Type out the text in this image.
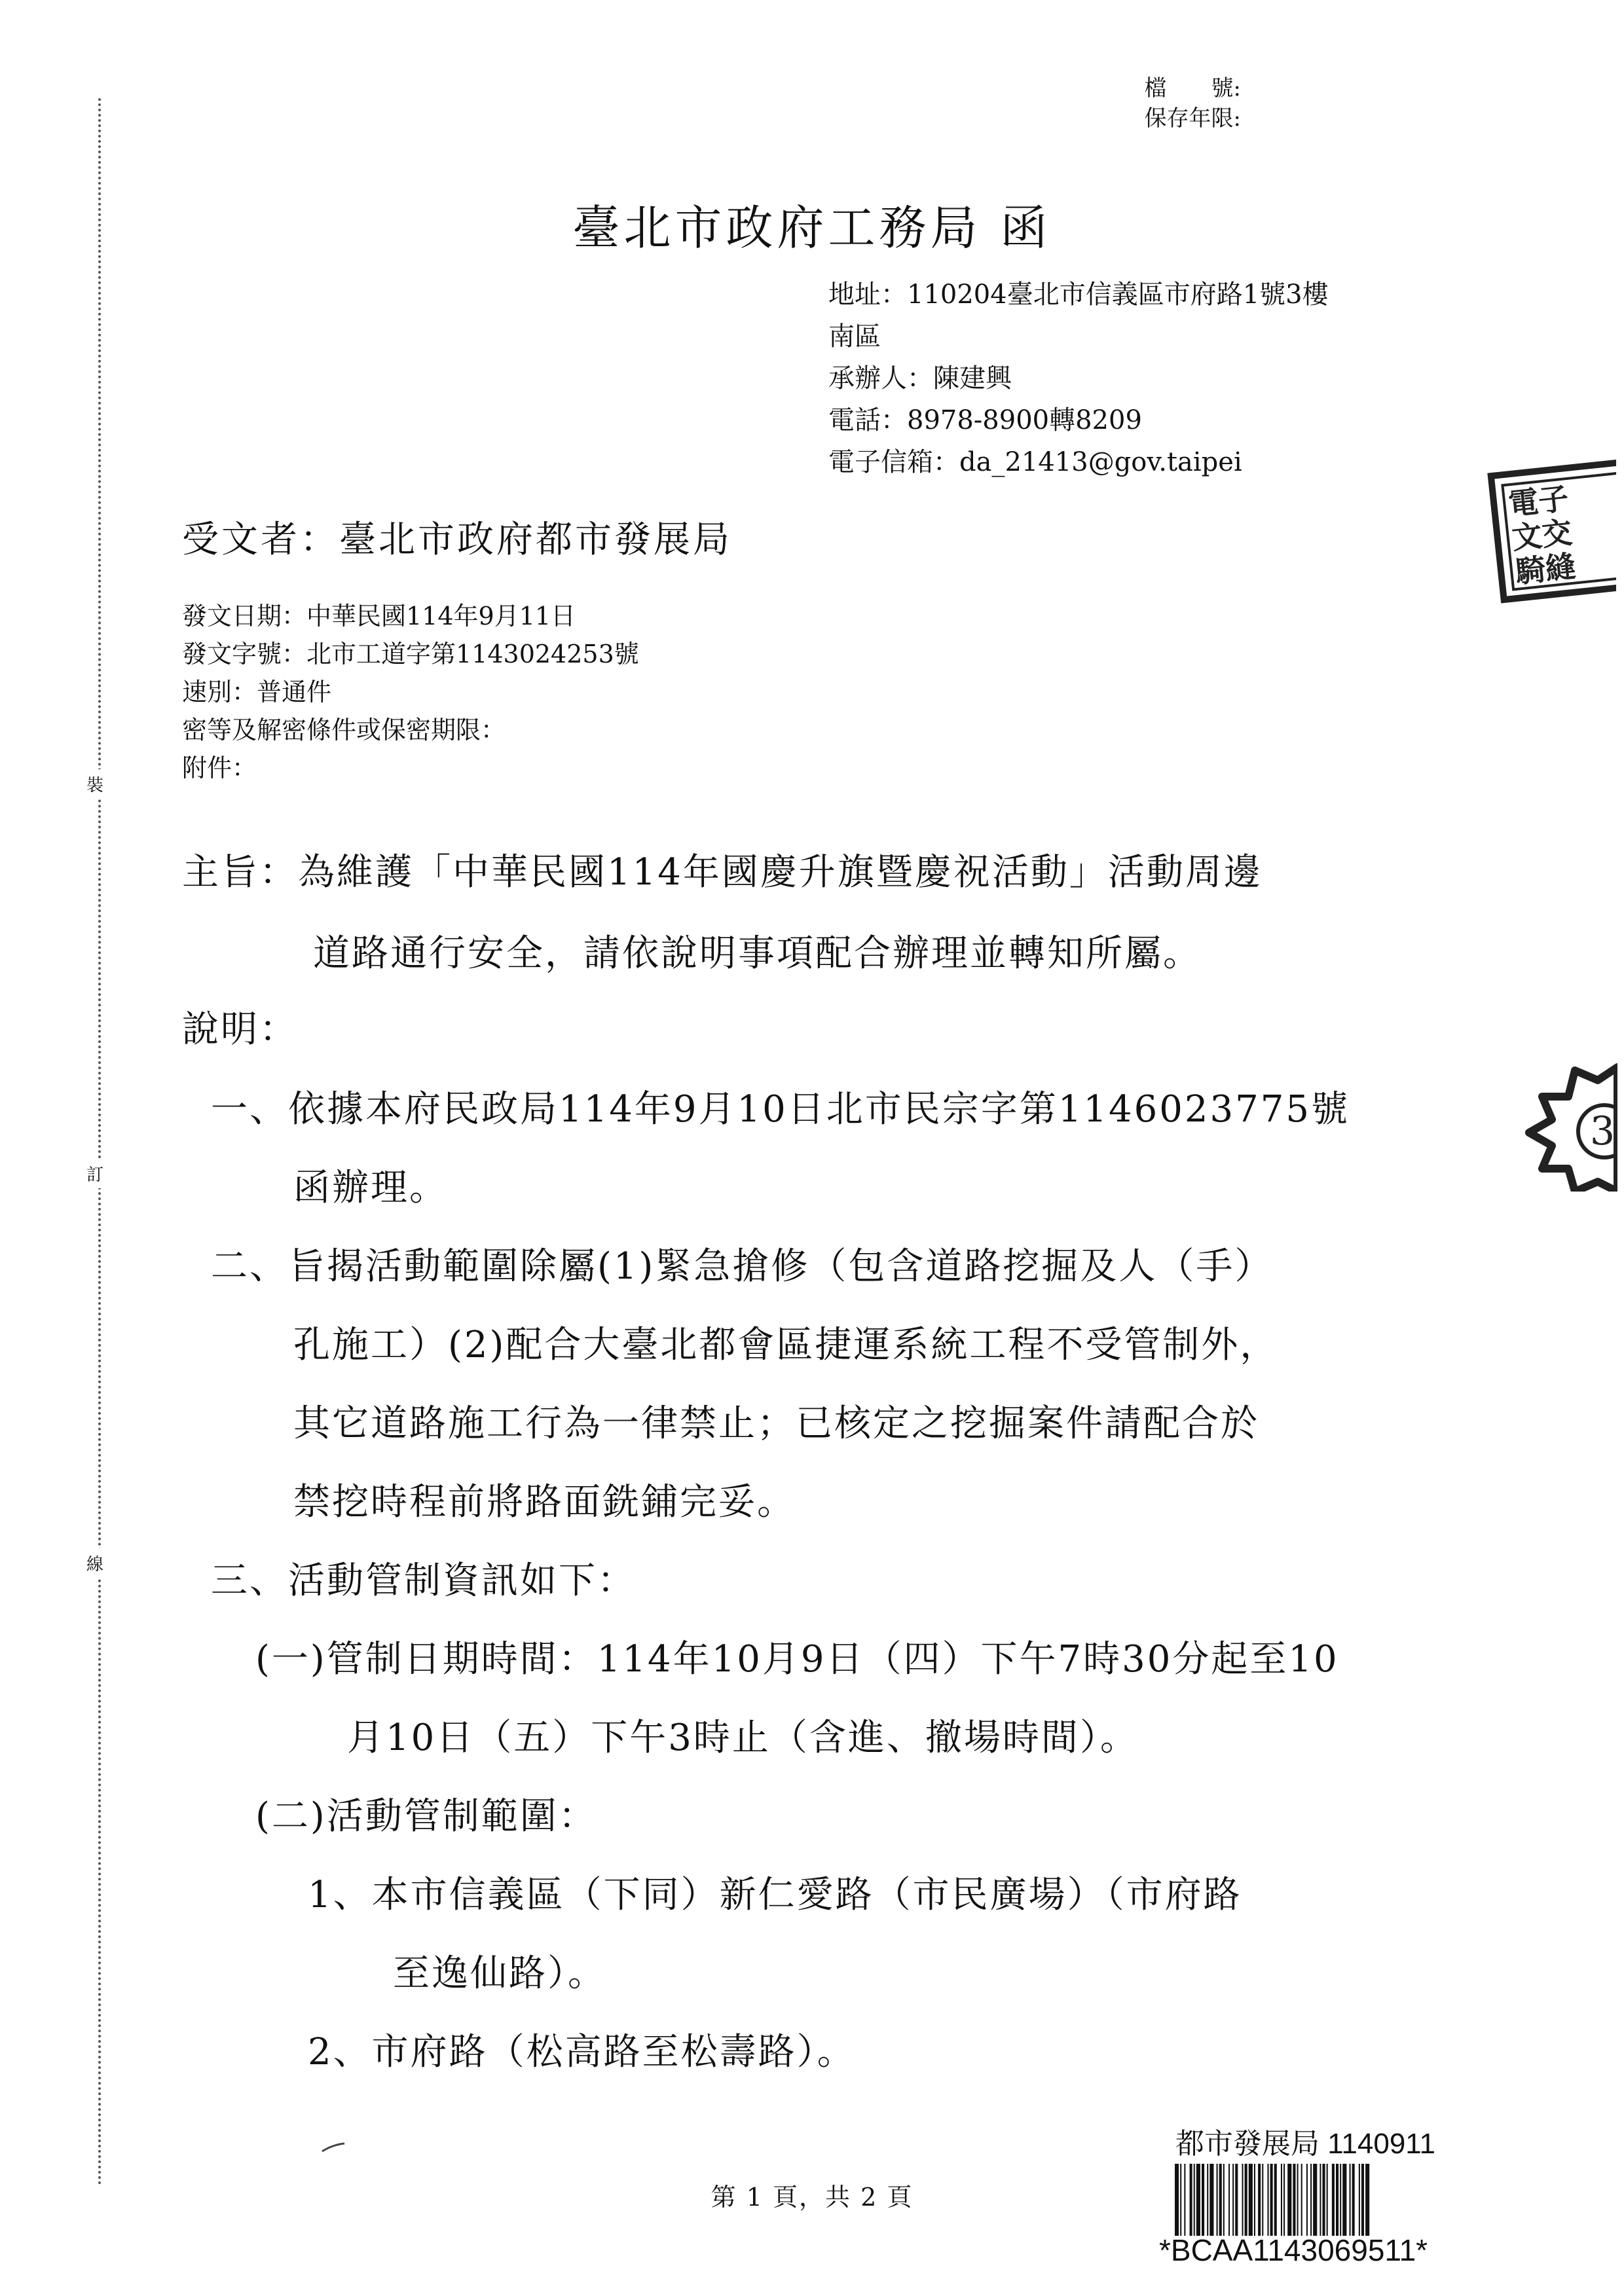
檔　　號:
保存年限:
臺北市政府工務局 函
地址：110204臺北市信義區市府路1號3樓
南區
承辦人：陳建興
電話：8978-8900轉8209
電子信箱：da_21413@gov.taipei
受文者：臺北市政府都市發展局
發文日期：中華民國114年9月11日
發文字號：北市工道字第1143024253號
速別：普通件
密等及解密條件或保密期限：
附件：
主旨：為維護「中華民國114年國慶升旗暨慶祝活動」活動周邊
道路通行安全，請依說明事項配合辦理並轉知所屬。
說明：
一、依據本府民政局114年9月10日北市民宗字第1146023775號
函辦理。
二、旨揭活動範圍除屬(1)緊急搶修（包含道路挖掘及人（手）
孔施工）(2)配合大臺北都會區捷運系統工程不受管制外，
其它道路施工行為一律禁止；已核定之挖掘案件請配合於
禁挖時程前將路面銑鋪完妥。
三、活動管制資訊如下：
(一)管制日期時間：114年10月9日（四）下午7時30分起至10
月10日（五）下午3時止（含進、撤場時間）。
(二)活動管制範圍：
1、本市信義區（下同）新仁愛路（市民廣場）（市府路
至逸仙路）。
2、市府路（松高路至松壽路）。
裝
訂
線
電子
文交
騎縫
3
第 1 頁，共 2 頁
都市發展局 1140911
*BCAA1143069511*
